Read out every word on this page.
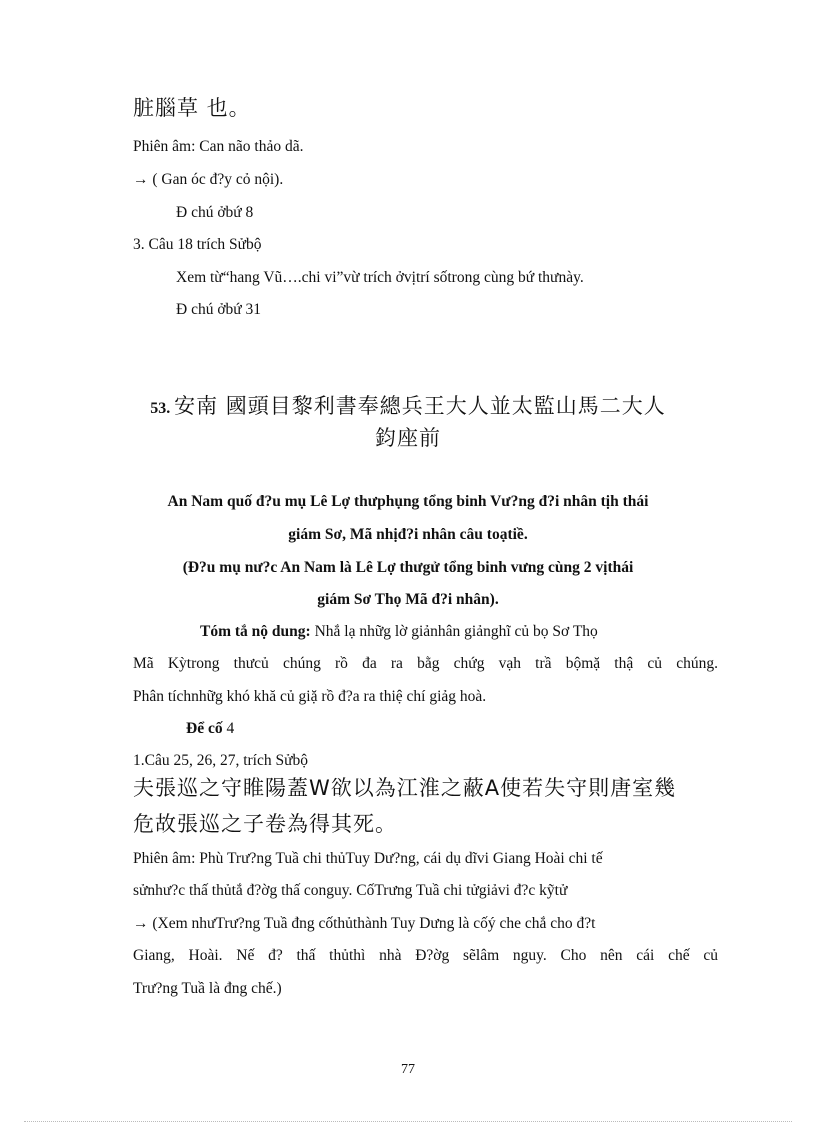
脏腦草 也。
Phiên âm: Can não thảo dã.
→ ( Gan óc đ?y cỏ nội).
Đ chú ởbứ 8
3. Câu 18 trích Sửbộ
Xem từ“hang Vũ….chi vi”vừ trích ởvịtrí sốtrong cùng bứ thưnày.
Đ chú ởbứ 31
53. 安南 國頭目黎利書奉總兵王大人並太監山馬二大人
鈞座前
An Nam quố đ?u mụ Lê Lợ thưphụng tổng binh Vư?ng đ?i nhân tịh thái
giám Sơ, Mã nhịđ?i nhân câu toạtiề.
(Đ?u mụ nư?c An Nam là Lê Lợ thưgử tổng binh vưng cùng 2 vịthái
giám Sơ Thọ Mã đ?i nhân).
Tóm tắ nộ dung: Nhắ lạ nhữg lờ giảnhân giảnghĩ củ bọ Sơ Thọ
Mã Kỳtrong thưcủ chúng rồ đa ra bằg chứg vạh trầ bộmặ thậ củ chúng.
Phân tíchnhữg khó khă củ giặ rồ đ?a ra thiệ chí giảg hoà.
Để cố 4
1.Câu 25, 26, 27, trích Sửbộ
夫張巡之守睢陽蓋W欲以為江淮之蔽A使若失守則唐室幾
危故張巡之子卷為得其死。
Phiên âm: Phù Trư?ng Tuầ chi thủTuy Dư?ng, cái dụ dĩvi Giang Hoài chi tế
sửnhư?c thấ thủtắ đ?ờg thấ conguy. CốTrưng Tuầ chi tửgiảvi đ?c kỹtử
→ (Xem nhưTrư?ng Tuầ đng cốthủthành Tuy Dưng là cốý che chắ cho đ?t
Giang, Hoài. Nế đ? thấ thủthì nhà Đ?ờg sẽlâm nguy. Cho nên cái chế củ
Trư?ng Tuầ là đng chế.)
77
